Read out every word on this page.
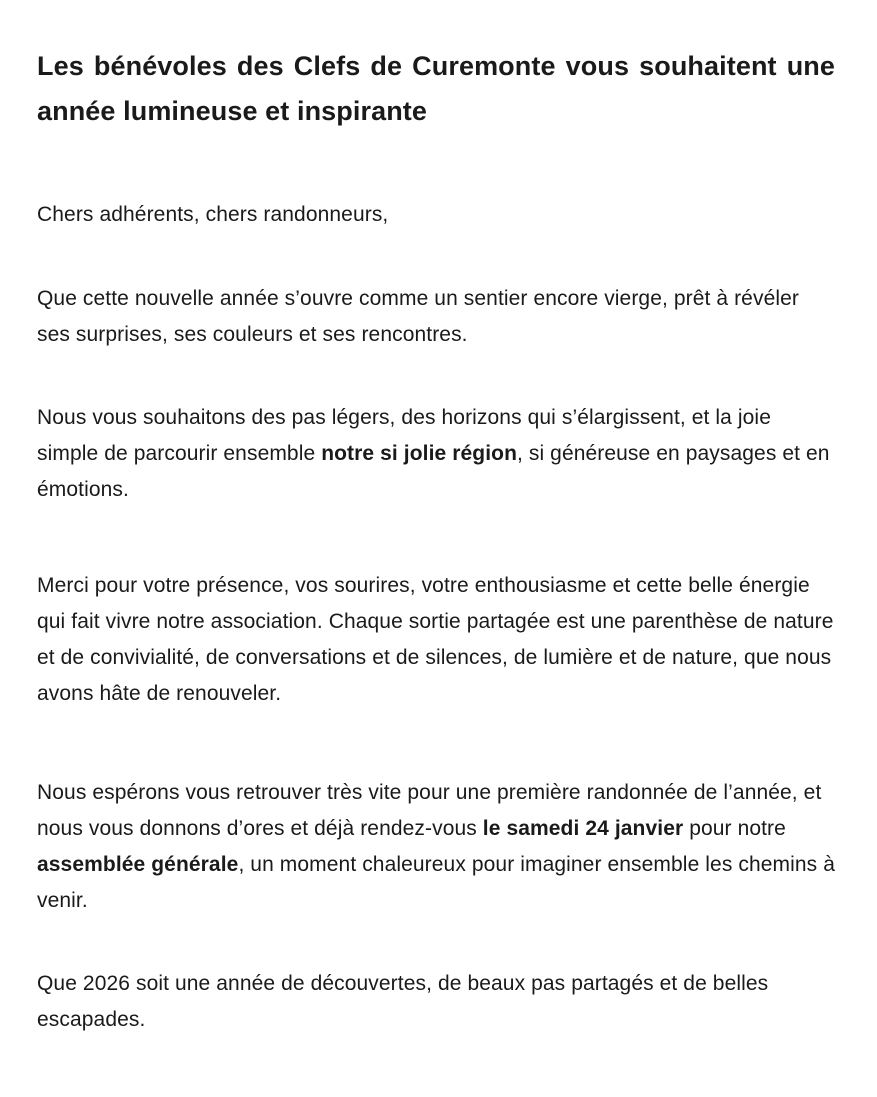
Les bénévoles des Clefs de Curemonte vous souhaitent une année lumineuse et inspirante

Chers adhérents, chers randonneurs,

Que cette nouvelle année s’ouvre comme un sentier encore vierge, prêt à révéler ses surprises, ses couleurs et ses rencontres.

Nous vous souhaitons des pas légers, des horizons qui s’élargissent, et la joie simple de parcourir ensemble notre si jolie région, si généreuse en paysages et en émotions.

Merci pour votre présence, vos sourires, votre enthousiasme et cette belle énergie qui fait vivre notre association. Chaque sortie partagée est une parenthèse de nature et de convivialité, de conversations et de silences, de lumière et de nature, que nous avons hâte de renouveler.

Nous espérons vous retrouver très vite pour une première randonnée de l’année, et nous vous donnons d’ores et déjà rendez-vous le samedi 24 janvier pour notre assemblée générale, un moment chaleureux pour imaginer ensemble les chemins à venir.

Que 2026 soit une année de découvertes, de beaux pas partagés et de belles escapades.
